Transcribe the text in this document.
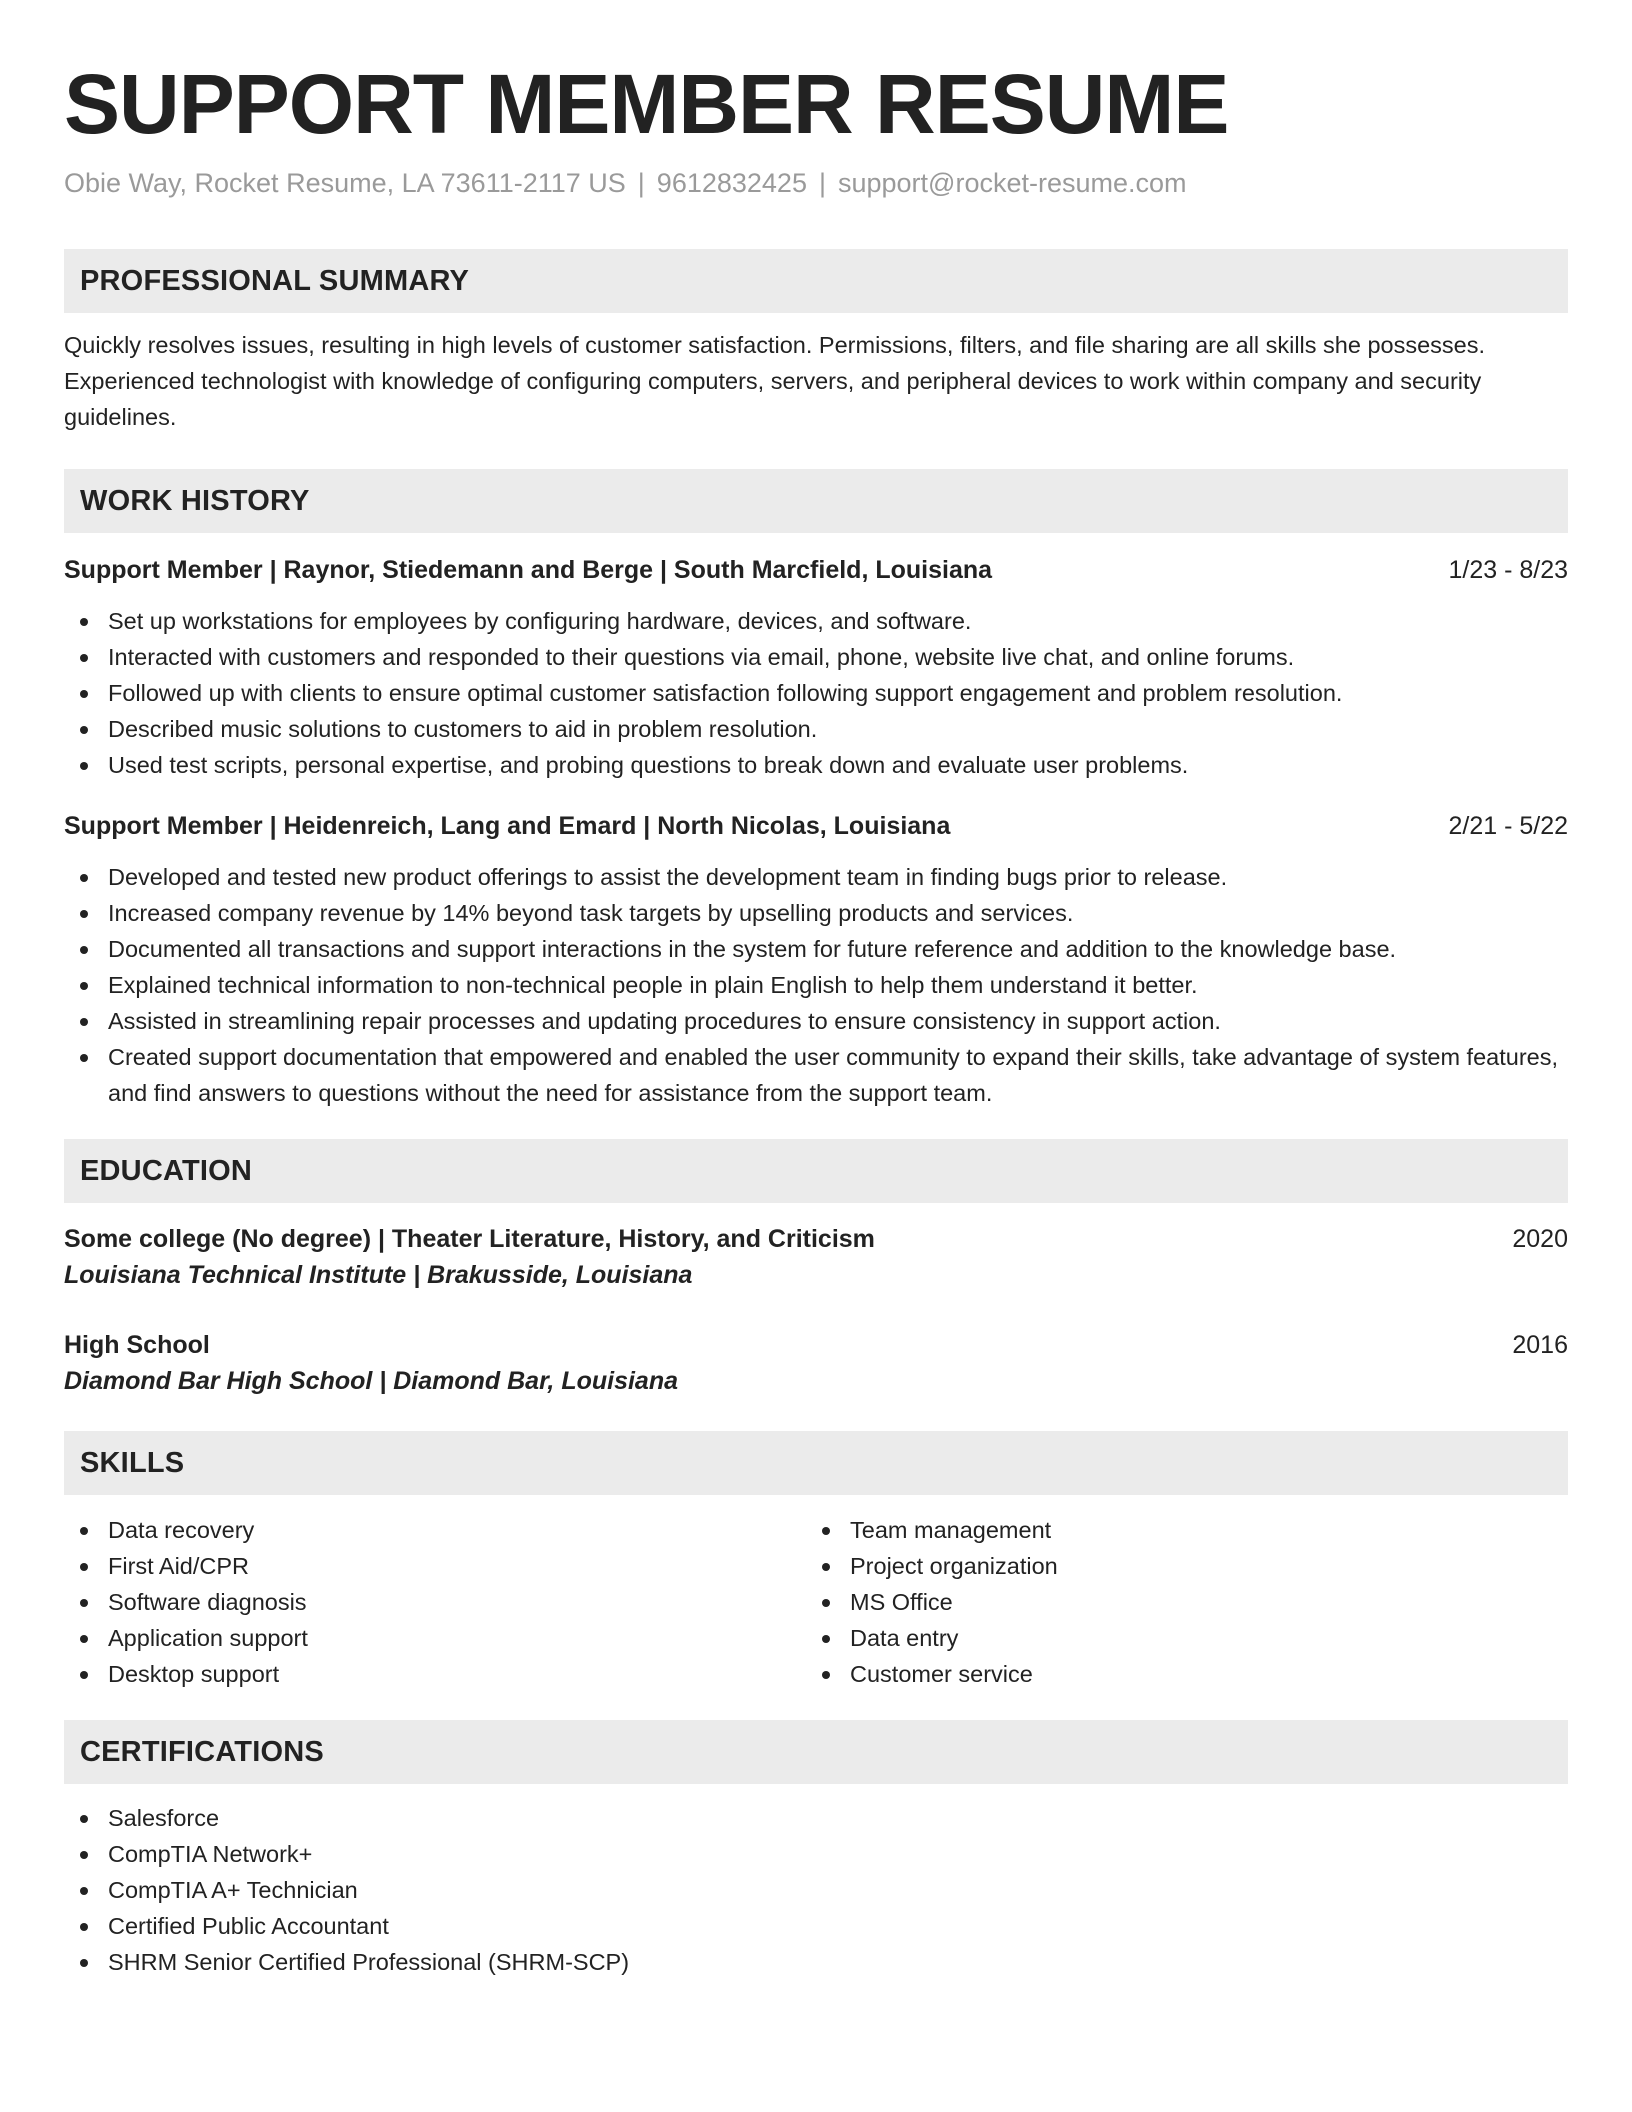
SUPPORT MEMBER RESUME
Obie Way, Rocket Resume, LA 73611-2117 US | 9612832425 | support@rocket-resume.com
PROFESSIONAL SUMMARY

Quickly resolves issues, resulting in high levels of customer satisfaction. Permissions, filters, and file sharing are all skills she possesses. Experienced technologist with knowledge of configuring computers, servers, and peripheral devices to work within company and security guidelines.

WORK HISTORY
Support Member | Raynor, Stiedemann and Berge | South Marcfield, Louisiana	1/23 - 8/23
Set up workstations for employees by configuring hardware, devices, and software.
Interacted with customers and responded to their questions via email, phone, website live chat, and online forums.
Followed up with clients to ensure optimal customer satisfaction following support engagement and problem resolution.
Described music solutions to customers to aid in problem resolution.
Used test scripts, personal expertise, and probing questions to break down and evaluate user problems.
Support Member | Heidenreich, Lang and Emard | North Nicolas, Louisiana	2/21 - 5/22
Developed and tested new product offerings to assist the development team in finding bugs prior to release.
Increased company revenue by 14% beyond task targets by upselling products and services.
Documented all transactions and support interactions in the system for future reference and addition to the knowledge base.
Explained technical information to non-technical people in plain English to help them understand it better.
Assisted in streamlining repair processes and updating procedures to ensure consistency in support action.
Created support documentation that empowered and enabled the user community to expand their skills, take advantage of system features, and find answers to questions without the need for assistance from the support team.
EDUCATION
Some college (No degree) | Theater Literature, History, and Criticism	2020
Louisiana Technical Institute | Brakusside, Louisiana
High School	2016
Diamond Bar High School | Diamond Bar, Louisiana
SKILLS
Data recovery
First Aid/CPR
Software diagnosis
Application support
Desktop support
Team management
Project organization
MS Office
Data entry
Customer service
CERTIFICATIONS
Salesforce
CompTIA Network+
CompTIA A+ Technician
Certified Public Accountant
SHRM Senior Certified Professional (SHRM-SCP)
